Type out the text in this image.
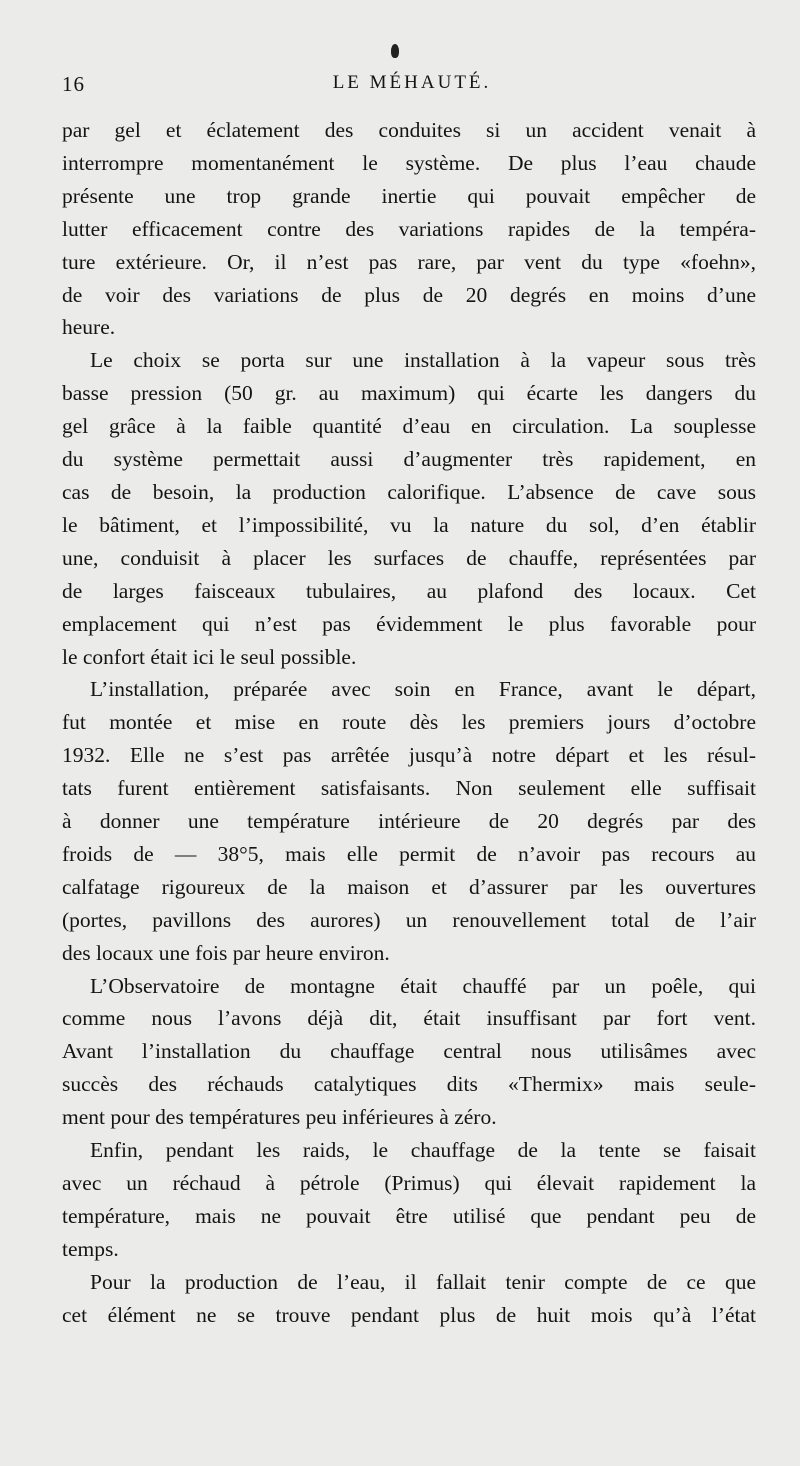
16	LE MÉHAUTÉ.
par gel et éclatement des conduites si un accident venait à
interrompre momentanément le système. De plus l’eau chaude
présente une trop grande inertie qui pouvait empêcher de
lutter efficacement contre des variations rapides de la tempéra-
ture extérieure. Or, il n’est pas rare, par vent du type «foehn»,
de voir des variations de plus de 20 degrés en moins d’une
heure.
Le choix se porta sur une installation à la vapeur sous très
basse pression (50 gr. au maximum) qui écarte les dangers du
gel grâce à la faible quantité d’eau en circulation. La souplesse
du système permettait aussi d’augmenter très rapidement, en
cas de besoin, la production calorifique. L’absence de cave sous
le bâtiment, et l’impossibilité, vu la nature du sol, d’en établir
une, conduisit à placer les surfaces de chauffe, représentées par
de larges faisceaux tubulaires, au plafond des locaux. Cet
emplacement qui n’est pas évidemment le plus favorable pour
le confort était ici le seul possible.
L’installation, préparée avec soin en France, avant le départ,
fut montée et mise en route dès les premiers jours d’octobre
1932. Elle ne s’est pas arrêtée jusqu’à notre départ et les résul-
tats furent entièrement satisfaisants. Non seulement elle suffisait
à donner une température intérieure de 20 degrés par des
froids de — 38°5, mais elle permit de n’avoir pas recours au
calfatage rigoureux de la maison et d’assurer par les ouvertures
(portes, pavillons des aurores) un renouvellement total de l’air
des locaux une fois par heure environ.
L’Observatoire de montagne était chauffé par un poêle, qui
comme nous l’avons déjà dit, était insuffisant par fort vent.
Avant l’installation du chauffage central nous utilisâmes avec
succès des réchauds catalytiques dits «Thermix» mais seule-
ment pour des températures peu inférieures à zéro.
Enfin, pendant les raids, le chauffage de la tente se faisait
avec un réchaud à pétrole (Primus) qui élevait rapidement la
température, mais ne pouvait être utilisé que pendant peu de
temps.
Pour la production de l’eau, il fallait tenir compte de ce que
cet élément ne se trouve pendant plus de huit mois qu’à l’état
